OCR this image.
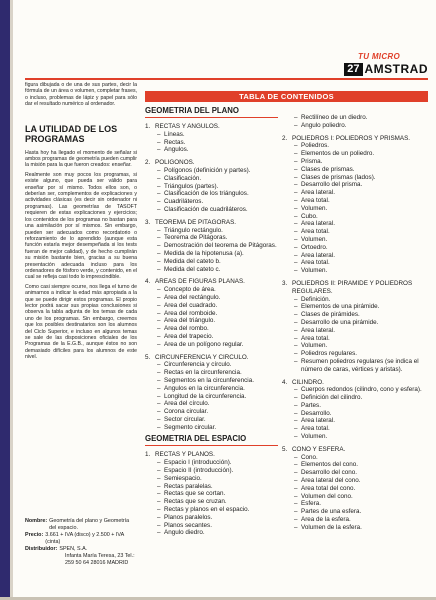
TU MICRO
27 AMSTRAD

figura dibujada o de una de sus partes, decir la fórmula de un área o volumen, completar frases, o incluso, problemas de lápiz y papel para sólo dar el resultado numérico al ordenador.

LA UTILIDAD DE LOS PROGRAMAS

Hasta hoy ha llegado el momento de señalar si ambos programas de geometría pueden cumplir la misión para la que fueron creados: enseñar.

Realmente son muy pocos los programas, si existe alguno, que pueda ser válido para enseñar por sí mismo. Todos ellos son, o deberían ser, complementos de explicaciones y actividades clásicas (es decir sin ordenador ni programas). Las geometrías de TASOFT requieren de estas explicaciones y ejercicios; los contenidos de los programas no bastan para una asimilación por sí mismos. Sin embargo, pueden ser adecuados como recordatorio o reforzamiento de lo aprendido (aunque esta función estaría mejor desempeñada si los tests fueran de mejor calidad), y de hecho cumplirán su misión bastante bien, gracias a su buena presentación adecuada incluso para los ordenadores de fósforo verde, y contenido, en el cual se refleja casi todo lo imprescindible.

Como casi siempre ocurre, nos llega el turno de animarnos a indicar la edad más apropiada a la que se puede dirigir estos programas. El propio lector podrá sacar sus propias conclusiones si observa la tabla adjunta de los temas de cada uno de los programas. Sin embargo, creemos que los posibles destinatarios son los alumnos del Ciclo Superior, e incluso en algunos temas se sale de las disposiciones oficiales de los Programas de la E.G.B., aunque éstos no son demasiado difíciles para los alumnos de este nivel.

Nombre: Geometría del plano y Geometría del espacio.
Precio: 3.661 + IVA (disco) y 2.500 + IVA (cinta)
Distribuidor: SPEN, S.A.
Infanta María Teresa, 23 Tel.: 259 50 64 28016 MADRID
TABLA DE CONTENIDOS
GEOMETRIA DEL PLANO
1. RECTAS Y ANGULOS.
– Líneas.
– Rectas.
– Angulos.
2. POLIGONOS.
– Polígonos (definición y partes).
– Clasificación.
– Triángulos (partes).
– Clasificación de los triángulos.
– Cuadriláteros.
– Clasificación de cuadriláteros.
3. TEOREMA DE PITAGORAS.
– Triángulo rectángulo.
– Teorema de Pitágoras.
– Demostración del teorema de Pitágoras.
– Medida de la hipotenusa (a).
– Medida del cateto b.
– Medida del cateto c.
4. AREAS DE FIGURAS PLANAS.
– Concepto de área.
– Area del rectángulo.
– Area del cuadrado.
– Area del romboide.
– Area del triángulo.
– Area del rombo.
– Area del trapecio.
– Area de un polígono regular.
5. CIRCUNFERENCIA Y CIRCULO.
– Circunferencia y círculo.
– Rectas en la circunferencia.
– Segmentos en la circunferencia.
– Angulos en la circunferencia.
– Longitud de la circunferencia.
– Area del círculo.
– Corona circular.
– Sector circular.
– Segmento circular.
GEOMETRIA DEL ESPACIO
1. RECTAS Y PLANOS.
– Espacio I (introducción).
– Espacio II (introducción).
– Semiespacio.
– Rectas paralelas.
– Rectas que se cortan.
– Rectas que se cruzan.
– Rectas y planos en el espacio.
– Planos paralelos.
– Planos secantes.
– Angulo diedro.
– Rectilíneo de un diedro.
– Angulo poliedro.
2. POLIEDROS I: POLIEDROS Y PRISMAS.
– Poliedros.
– Elementos de un poliedro.
– Prisma.
– Clases de prismas.
– Clases de prismas (lados).
– Desarrollo del prisma.
– Area lateral.
– Area total.
– Volumen.
– Cubo.
– Area lateral.
– Area total.
– Volumen.
– Ortoedro.
– Area lateral.
– Area total.
– Volumen.
3. POLIEDROS II: PIRAMIDE Y POLIEDROS REGULARES.
– Definición.
– Elementos de una pirámide.
– Clases de pirámides.
– Desarrollo de una pirámide.
– Area lateral.
– Area total.
– Volumen.
– Poliedros regulares.
– Resumen poliedros regulares (se indica el número de caras, vértices y aristas).
4. CILINDRO.
– Cuerpos redondos (cilindro, cono y esfera).
– Definición del cilindro.
– Partes.
– Desarrollo.
– Area lateral.
– Area total.
– Volumen.
5. CONO Y ESFERA.
– Cono.
– Elementos del cono.
– Desarrollo del cono.
– Area lateral del cono.
– Area total del cono.
– Volumen del cono.
– Esfera.
– Partes de una esfera.
– Area de la esfera.
– Volumen de la esfera.
